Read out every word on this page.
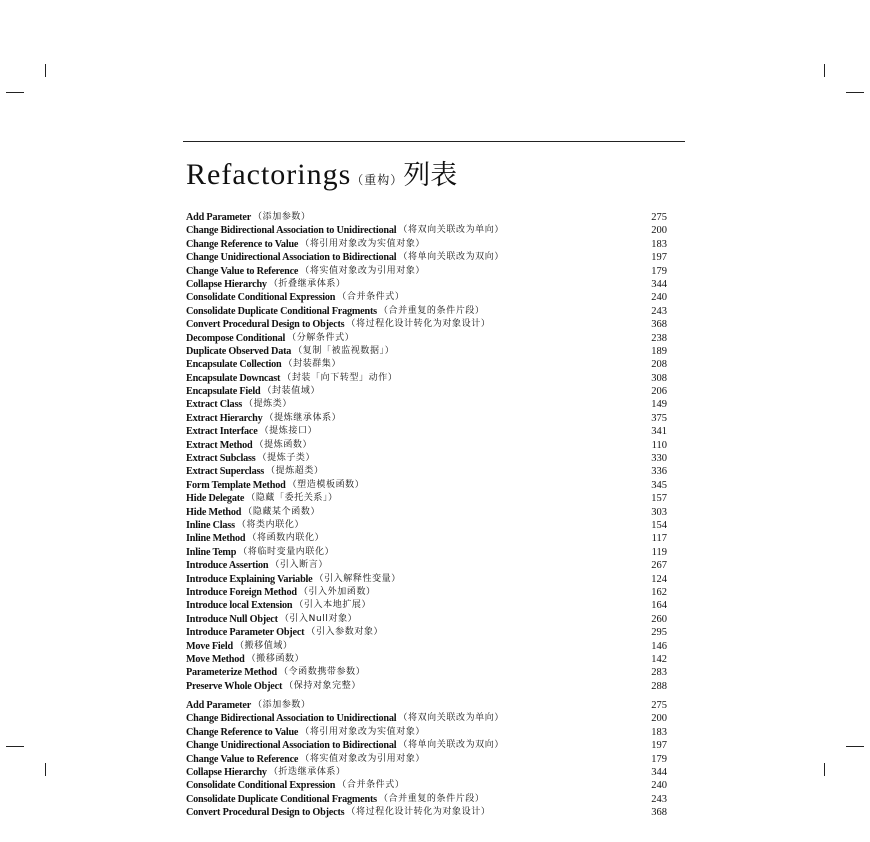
Refactorings（重构）列表
Add Parameter （添加参数）	275
Change Bidirectional Association to Unidirectional （将双向关联改为单向）	200
Change Reference to Value （将引用对象改为实值对象）	183
Change Unidirectional Association to Bidirectional （将单向关联改为双向）	197
Change Value to Reference （将实值对象改为引用对象）	179
Collapse Hierarchy （折叠继承体系）	344
Consolidate Conditional Expression （合并条件式）	240
Consolidate Duplicate Conditional Fragments （合并重复的条件片段）	243
Convert Procedural Design to Objects （将过程化设计转化为对象设计）	368
Decompose Conditional （分解条件式）	238
Duplicate Observed Data （复制「被监视数据」）	189
Encapsulate Collection （封装群集）	208
Encapsulate Downcast （封装「向下转型」动作）	308
Encapsulate Field （封装值域）	206
Extract Class （提炼类）	149
Extract Hierarchy （提炼继承体系）	375
Extract Interface （提炼接口）	341
Extract Method （提炼函数）	110
Extract Subclass （提炼子类）	330
Extract Superclass （提炼超类）	336
Form Template Method （塑造模板函数）	345
Hide Delegate （隐藏「委托关系」）	157
Hide Method （隐藏某个函数）	303
Inline Class （将类内联化）	154
Inline Method （将函数内联化）	117
Inline Temp （将临时变量内联化）	119
Introduce Assertion （引入断言）	267
Introduce Explaining Variable （引入解释性变量）	124
Introduce Foreign Method （引入外加函数）	162
Introduce local Extension （引入本地扩展）	164
Introduce Null Object （引入Null对象）	260
Introduce Parameter Object （引入参数对象）	295
Move Field （搬移值域）	146
Move Method （搬移函数）	142
Parameterize Method （令函数携带参数）	283
Preserve Whole Object （保持对象完整）	288
Add Parameter （添加参数）	275
Change Bidirectional Association to Unidirectional （将双向关联改为单向）	200
Change Reference to Value （将引用对象改为实值对象）	183
Change Unidirectional Association to Bidirectional （将单向关联改为双向）	197
Change Value to Reference （将实值对象改为引用对象）	179
Collapse Hierarchy （折迭继承体系）	344
Consolidate Conditional Expression （合并条件式）	240
Consolidate Duplicate Conditional Fragments （合并重复的条件片段）	243
Convert Procedural Design to Objects （将过程化设计转化为对象设计）	368
